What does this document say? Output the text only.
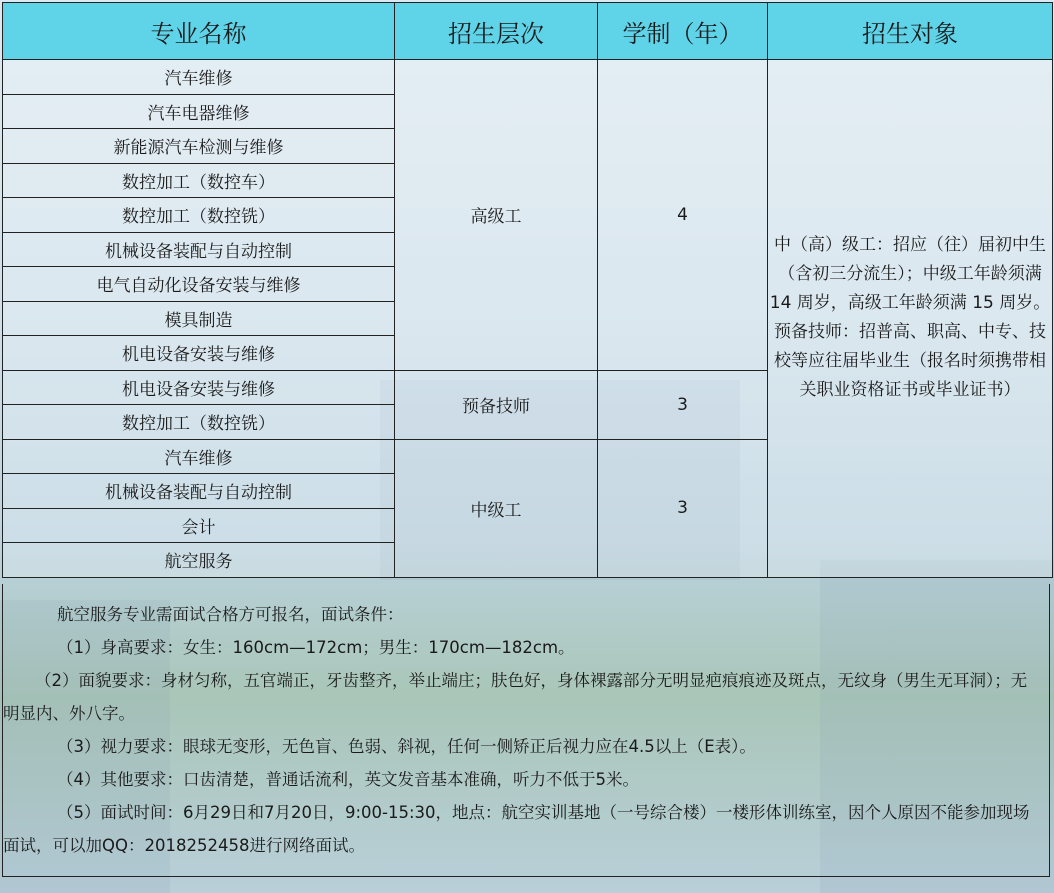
专业名称	招生层次	学制（年）	招生对象
汽车维修	高级工	4	中（高）级工：招应（往）届初中生（含初三分流生）；中级工年龄须满 14 周岁，高级工年龄须满 15 周岁。预备技师：招普高、职高、中专、技校等应往届毕业生（报名时须携带相关职业资格证书或毕业证书）
汽车电器维修			
新能源汽车检测与维修			
数控加工（数控车）			
数控加工（数控铣）			
机械设备装配与自动控制			
电气自动化设备安装与维修			
模具制造			
机电设备安装与维修			
机电设备安装与维修	预备技师	3	
数控加工（数控铣）			
汽车维修	中级工	3	
机械设备装配与自动控制			
会计			
航空服务			

航空服务专业需面试合格方可报名，面试条件：

（1）身高要求：女生：160cm—172cm；男生：170cm—182cm。

（2）面貌要求：身材匀称，五官端正，牙齿整齐，举止端庄；肤色好，身体裸露部分无明显疤痕痕迹及斑点，无纹身（男生无耳洞）；无明显内、外八字。

（3）视力要求：眼球无变形，无色盲、色弱、斜视，任何一侧矫正后视力应在4.5以上（E表）。

（4）其他要求：口齿清楚，普通话流利，英文发音基本准确，听力不低于5米。

（5）面试时间：6月29日和7月20日，9:00-15:30，地点：航空实训基地（一号综合楼）一楼形体训练室，因个人原因不能参加现场面试，可以加QQ：2018252458进行网络面试。
